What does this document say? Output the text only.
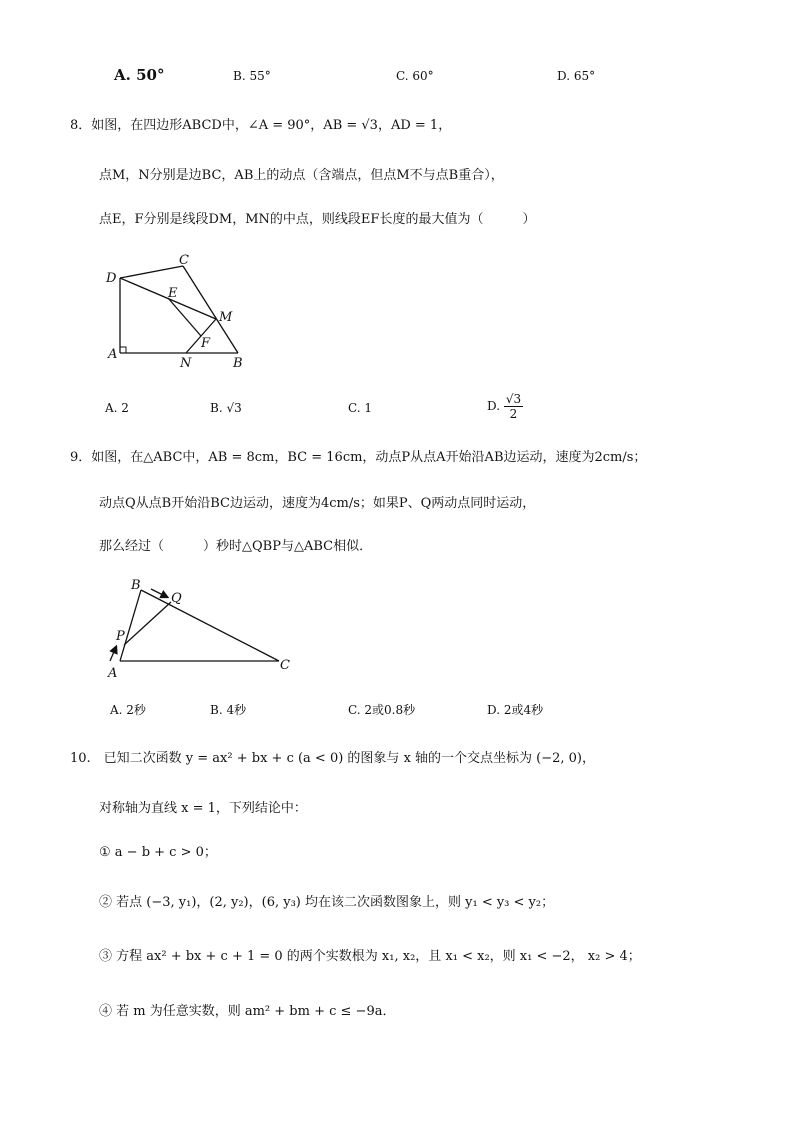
A. 50°	B. 55°	C. 60°	D. 65°
8．如图，在四边形ABCD中，∠A = 90°，AB = √3，AD = 1，
点M，N分别是边BC，AB上的动点（含端点，但点M不与点B重合），
点E，F分别是线段DM，MN的中点，则线段EF长度的最大值为（　　　）
D
C
E
M
F
A
N	B
A. 2	B. √3	C. 1	D. $\frac{√3}{2}$
9．如图，在△ABC中，AB = 8cm，BC = 16cm，动点P从点A开始沿AB边运动，速度为2cm/s；
动点Q从点B开始沿BC边运动，速度为4cm/s；如果P、Q两动点同时运动，
那么经过（　　　）秒时△QBP与△ABC相似．
B
Q
P
A
C
A. 2秒	B. 4秒	C. 2或0.8秒	D. 2或4秒
10.　已知二次函数 y = ax² + bx + c (a < 0) 的图象与 x 轴的一个交点坐标为 (−2, 0)，
对称轴为直线 x = 1，下列结论中：
① a − b + c > 0；
② 若点 (−3, y₁)，(2, y₂)，(6, y₃) 均在该二次函数图象上，则 y₁ < y₃ < y₂；
③ 方程 ax² + bx + c + 1 = 0 的两个实数根为 x₁, x₂，且 x₁ < x₂，则 x₁ < −2， x₂ > 4；
④ 若 m 为任意实数，则 am² + bm + c ≤ −9a．
